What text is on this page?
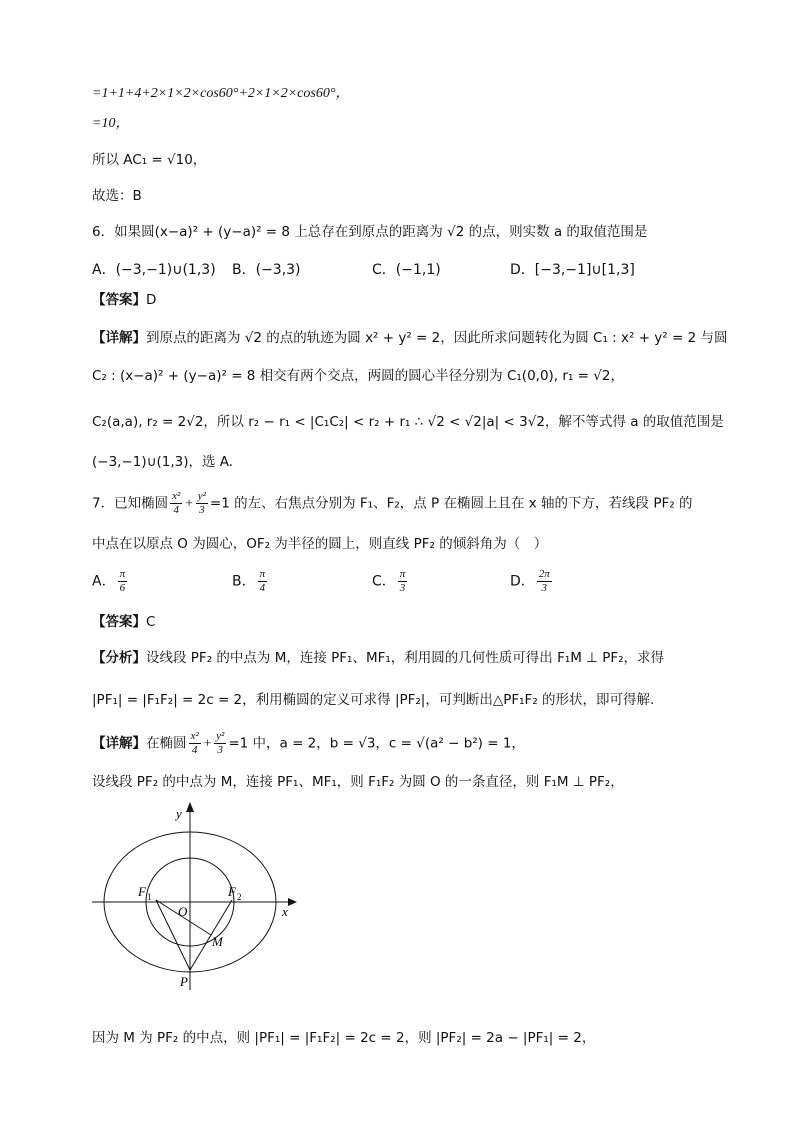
=1+1+4+2×1×2×cos60°+2×1×2×cos60°，
=10，
所以 AC₁ = √10，
故选：B
6．如果圆(x−a)² + (y−a)² = 8 上总存在到原点的距离为 √2 的点，则实数 a 的取值范围是
A．(−3,−1)∪(1,3) B．(−3,3)	C．(−1,1)	D．[−3,−1]∪[1,3]
【答案】D
【详解】到原点的距离为 √2 的点的轨迹为圆 x² + y² = 2，因此所求问题转化为圆 C₁ : x² + y² = 2 与圆
C₂ : (x−a)² + (y−a)² = 8 相交有两个交点，两圆的圆心半径分别为 C₁(0,0), r₁ = √2，
C₂(a,a), r₂ = 2√2，所以 r₂ − r₁ < |C₁C₂| < r₂ + r₁ ∴ √2 < √2|a| < 3√2，解不等式得 a 的取值范围是
(−3,−1)∪(1,3)，选 A.
7．已知椭圆 $\frac{\text{x²}}{4} + \frac{\text{y²}}{3} =1$ 的左、右焦点分别为 F₁、F₂，点 P 在椭圆上且在 x 轴的下方，若线段 PF₂ 的
中点在以原点 O 为圆心，OF₂ 为半径的圆上，则直线 PF₂ 的倾斜角为（　）
A． $\frac{\pi}{6}$	B． $\frac{\pi}{4}$	C． $\frac{\pi}{3}$	D． $\frac{2\pi}{3}$
【答案】C
【分析】设线段 PF₂ 的中点为 M，连接 PF₁、MF₁，利用圆的几何性质可得出 F₁M ⊥ PF₂，求得
|PF₁| = |F₁F₂| = 2c = 2，利用椭圆的定义可求得 |PF₂|，可判断出△PF₁F₂ 的形状，即可得解.
【详解】在椭圆 $\frac{\text{x²}}{4} + \frac{\text{y²}}{3} =1$ 中，a = 2，b = √3，c = √(a² − b²) = 1，
设线段 PF₂ 的中点为 M，连接 PF₁、MF₁，则 F₁F₂ 为圆 O 的一条直径，则 F₁M ⊥ PF₂，
x
y
F 1	F 2
O
M
P
因为 M 为 PF₂ 的中点，则 |PF₁| = |F₁F₂| = 2c = 2，则 |PF₂| = 2a − |PF₁| = 2，
